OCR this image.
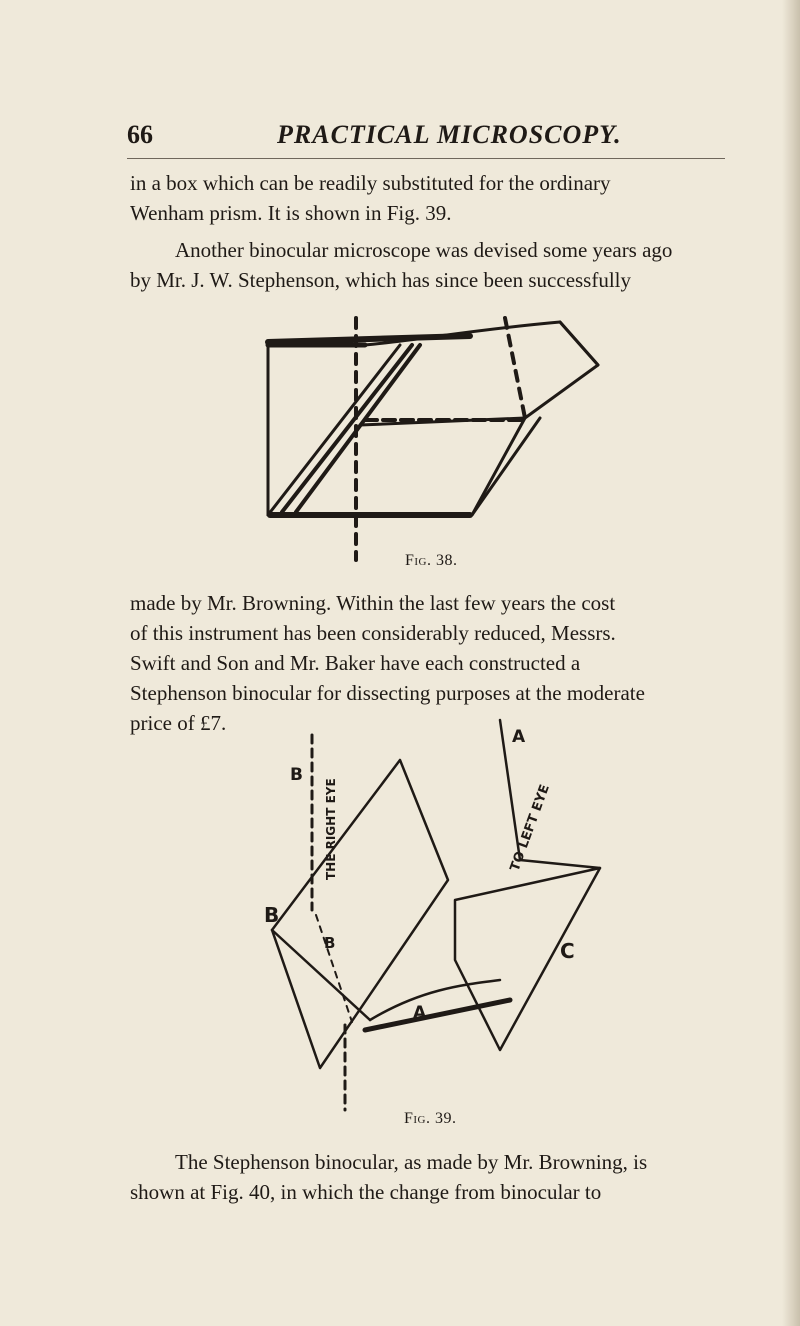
66	PRACTICAL MICROSCOPY.

in a box which can be readily substituted for the ordinary
Wenham prism. It is shown in Fig. 39.

Another binocular microscope was devised some years ago
by Mr. J. W. Stephenson, which has since been successfully

Fig. 38.

made by Mr. Browning. Within the last few years the cost
of this instrument has been considerably reduced, Messrs.
Swift and Son and Mr. Baker have each constructed a
Stephenson binocular for dissecting purposes at the moderate
price of £7.

B
THE RIGHT EYE	TO LEFT EYE
A
B
B	C
A
Fig. 39.

The Stephenson binocular, as made by Mr. Browning, is
shown at Fig. 40, in which the change from binocular to
